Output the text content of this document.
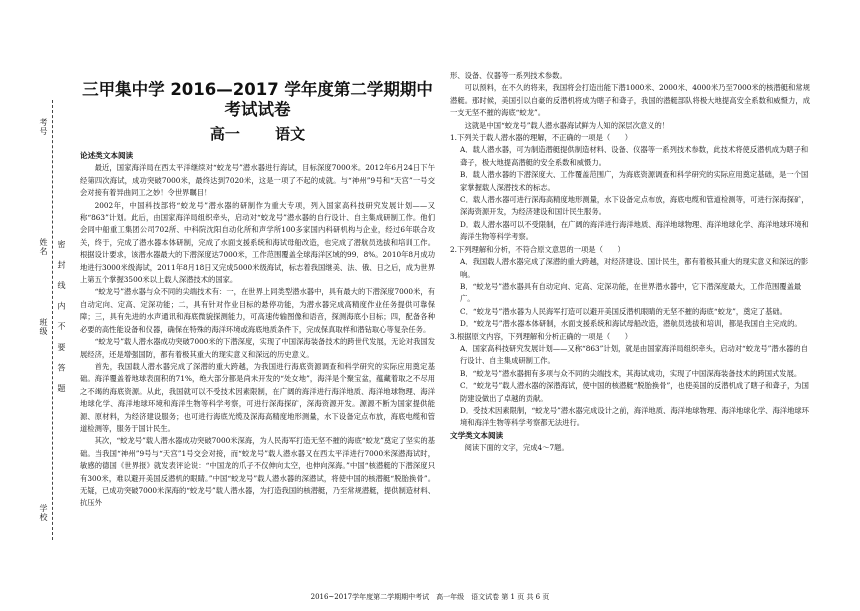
考号
姓名
班级
学校
密 封 线 内 不 要 答 题
三甲集中学 2016—2017 学年度第二学期期中考试试卷
高一 语文
论述类文本阅读

最近，国家海洋局在西太平洋继续对“蛟龙号”潜水器进行海试，目标深度7000米。2012年6月24日下午经第四次海试，成功突破7000米，最终达到7020米，这是一项了不起的成就。与“神州”9号和“天宫”一号交会对接有着异曲同工之妙！令世界瞩目！

2002年，中国科技部将“蛟龙号”潜水器的研制作为重大专项，列入国家高科技研究发展计划——又称“863”计划。此后，由国家海洋局组织牵头，启动对“蛟龙号”潜水器的自行设计、自主集成研制工作。他们会同中船重工集团公司702所、中科院沈阳自动化所和声学所100多家国内科研机构与企业，经过6年联合攻关，终于，完成了潜水器本体研制，完成了水面支援系统和海试母船改造，也完成了潜航员选拔和培训工作。根据设计要求，该潜水器最大的下潜深度达7000米，工作范围覆盖全球海洋区域的99．8%。2010年8月成功地进行3000米级海试，2011年8月18日又完成5000米级海试，标志着我国继美、法、俄、日之后，成为世界上第五个掌握3500米以上载人深潜技术的国家。

“蛟龙号”潜水器与众不同的尖端技术有：一，在世界上同类型潜水器中，具有最大的下潜深度7000米，有自动定向、定高、定深功能；二，具有针对作业目标的悬停功能，为潜水器完成高精度作业任务提供可靠保障；三，具有先进的水声通讯和海底微貌探测能力，可高速传输图像和语音，探测海底小目标；四，配备各种必要的高性能设备和仪器，确保在特殊的海洋环境或海底地质条件下，完成保真取样和潜钻取心等复杂任务。

“蛟龙号”载人潜水器成功突破7000米的下潜深度，实现了中国深海装备技术的跨世代发展，无论对我国发展经济，还是增强国防，都有着极其重大的现实意义和深远的历史意义。

首先，我国载人潜水器完成了深潜的重大跨越，为我国进行海底资源调查和科学研究的实际应用奠定基础。海洋覆盖着地球表面积的71%，绝大部分都是尚未开发的“处女地”，海洋是个聚宝盆，蕴藏着取之不尽用之不竭的海底资源。从此，我国就可以不受技术因素限制，在广阔的海洋进行海洋地质、海洋地球物理、海洋地球化学、海洋地球环境和海洋生物等科学考察，可进行深海探矿，深海资源开发。源源不断为国家提供能源、原材料，为经济建设服务；也可进行海底光缆及深海高精度地形测量，水下设备定点布放，海底电缆和管道检测等，服务于国计民生。

其次，“蛟龙号”载人潜水器成功突破7000米深海，为人民海军打造无坚不摧的海底“蛟龙”奠定了坚实的基础。当我国“神州”9号与“天宫”1号交会对接，而“蛟龙号”载人潜水器又在西太平洋进行7000米深潜海试时，敏感的德国《世界报》就发表评论说：“中国龙的爪子不仅伸向太空，也伸向深海。”中国“核潜艇的下潜深度只有300米，难以避开美国反潜机的眼睛。”中国“蛟龙号”载人潜水器的深潜试，将使中国的核潜艇“脱胎换骨”。无疑，已成功突破7000米深海的“蛟龙号”载人潜水器，为打造我国的核潜艇，乃至常规潜艇，提供制造材料、抗压外

形、设备、仪器等一系列技术参数。

可以预料，在不久的将来，我国将会打造出能下潜1000米、2000米、4000米乃至7000米的核潜艇和常规潜艇。那时候，美国引以自豪的反潜机将成为瞎子和聋子，我国的潜艇部队将极大地提高安全系数和威慑力，成一支无坚不摧的海底“蛟龙”。

这就是中国“蛟龙号”载人潜水器海试鲜为人知的深层次意义的！

1.下列关于载人潜水器的理解，不正确的一项是（　　）

A．载人潜水器，可为制造潜艇提供制造材料、设备、仪器等一系列技术参数，此技术将使反潜机成为瞎子和聋子，极大地提高潜艇的安全系数和威慑力。

B．载人潜水器的下潜深度大、工作覆盖范围广，为海底资源调查和科学研究的实际应用奠定基础，是一个国家掌握载人深潜技术的标志。

C．载人潜水器可进行深海高精度地形测量，水下设备定点布放，海底电缆和管道检测等，可进行深海探矿，深海资源开发，为经济建设和国计民生服务。

D．载人潜水器可以不受限制，在广阔的海洋进行海洋地质、海洋地球物理、海洋地球化学、海洋地球环境和海洋生物等科学考察。

2.下列理解和分析，不符合原文意思的一项是（　　）

A．我国载人潜水器完成了深潜的重大跨越，对经济建设、国计民生，都有着极其重大的现实意义和深远的影响。

B．“蛟龙号”潜水器具有自动定向、定高、定深功能，在世界潜水器中，它下潜深度最大，工作范围覆盖最广。

C．“蛟龙号”潜水器为人民海军打造可以避开美国反潜机眼睛的无坚不摧的海底“蛟龙”，奠定了基础。

D．“蛟龙号”潜水器本体研制，水面支援系统和海试母船改造，潜航员选拔和培训，都是我国自主完成的。

3.根据原文内容，下列理解和分析正确的一项是（　　）

A．国家高科技研究发展计划——又称“863”计划，就是由国家海洋局组织牵头，启动对“蛟龙号”潜水器的自行设计、自主集成研制工作。

B．“蛟龙号”潜水器拥有多项与众不同的尖端技术，其海试成功，实现了中国深海装备技术的跨国式发展。

C．“蛟龙号”载人潜水器的深潜海试，使中国的核潜艇“脱胎换骨”，也使美国的反潜机成了瞎子和聋子，为国防建设做出了卓越的贡献。

D．受技术因素限制，“蛟龙号”潜水器完成设计之前，海洋地质、海洋地球物理、海洋地球化学、海洋地球环境和海洋生物等科学考察都无法进行。

文学类文本阅读

阅读下面的文字，完成4～7题。

2016~2017学年度第二学期期中考试　高一年级　语文试卷 第 1 页 共 6 页
